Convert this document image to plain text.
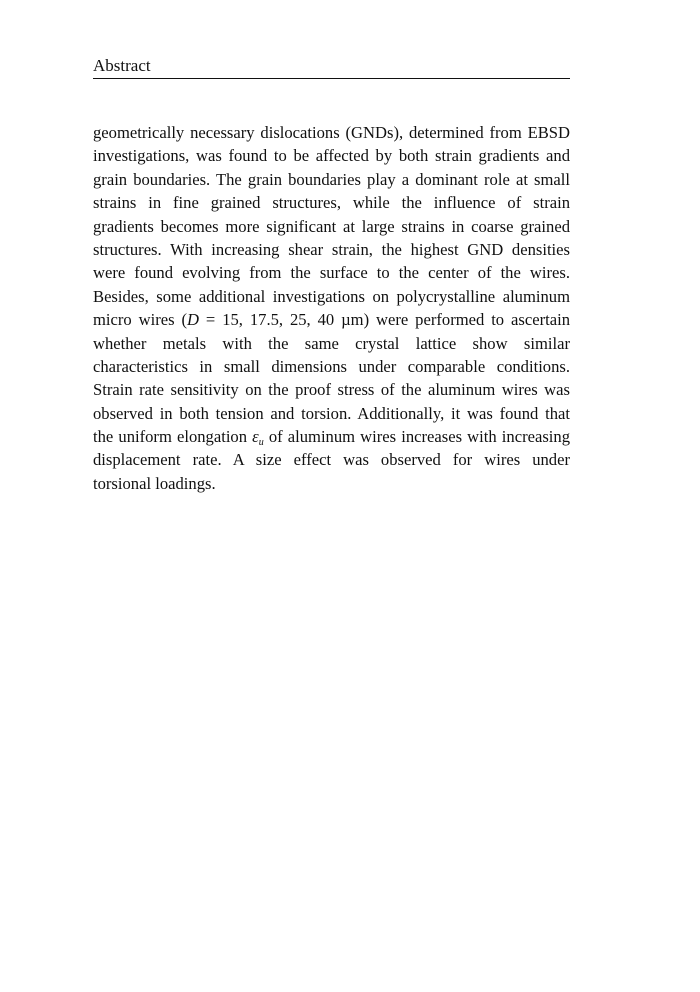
Abstract
geometrically necessary dislocations (GNDs), determined from EBSD
investigations, was found to be affected by both strain gradients and
grain boundaries. The grain boundaries play a dominant role at small
strains in fine grained structures, while the influence of strain
gradients becomes more significant at large strains in coarse grained
structures. With increasing shear strain, the highest GND densities
were found evolving from the surface to the center of the wires.
Besides, some additional investigations on polycrystalline aluminum
micro wires (D = 15, 17.5, 25, 40 µm) were performed to ascertain
whether metals with the same crystal lattice show similar
characteristics in small dimensions under comparable conditions.
Strain rate sensitivity on the proof stress of the aluminum wires was
observed in both tension and torsion. Additionally, it was found that
the uniform elongation $\varepsilon_u$ of aluminum wires increases with increasing
displacement rate. A size effect was observed for wires under
torsional loadings.
